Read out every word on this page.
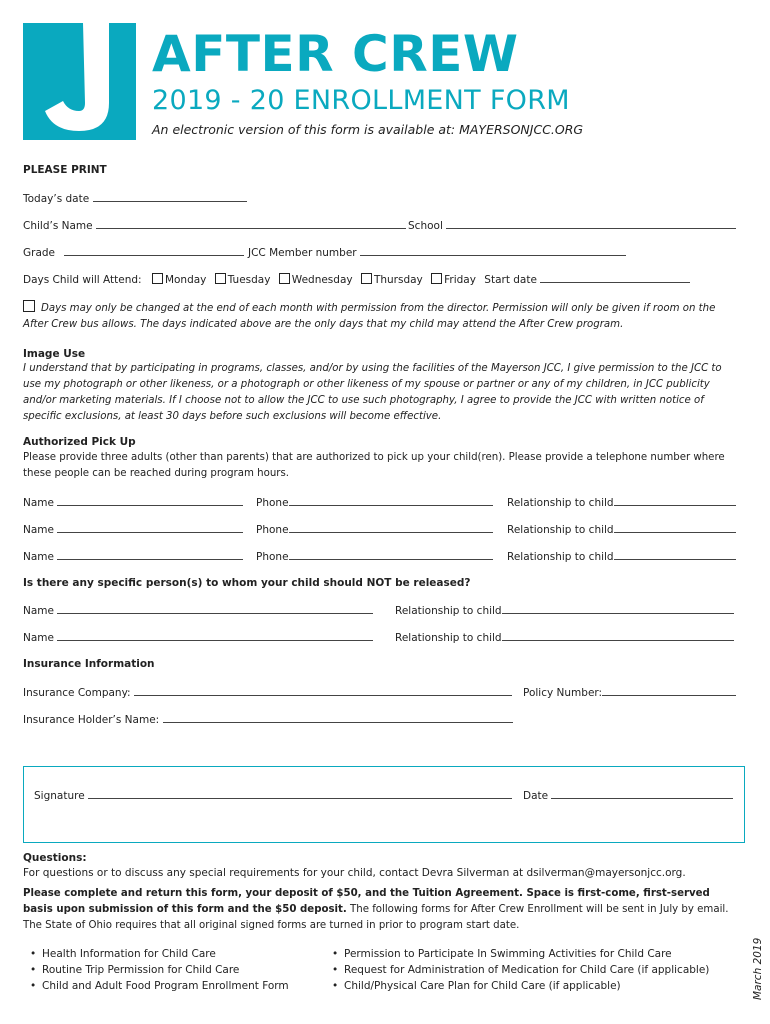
AFTER CREW
2019 - 20 ENROLLMENT FORM
An electronic version of this form is available at: MAYERSONJCC.ORG
PLEASE PRINT
Today’s date
Child’s Name	School
Grade	JCC Member number
Days Child will Attend: Monday Tuesday Wednesday Thursday Friday Start date
Days may only be changed at the end of each month with permission from the director. Permission will only be given if room on the After Crew bus allows. The days indicated above are the only days that my child may attend the After Crew program.
Image Use
I understand that by participating in programs, classes, and/or by using the facilities of the Mayerson JCC, I give permission to the JCC to use my photograph or other likeness, or a photograph or other likeness of my spouse or partner or any of my children, in JCC publicity and/or marketing materials. If I choose not to allow the JCC to use such photography, I agree to provide the JCC with written notice of specific exclusions, at least 30 days before such exclusions will become effective.
Authorized Pick Up
Please provide three adults (other than parents) that are authorized to pick up your child(ren). Please provide a telephone number where these people can be reached during program hours.
Name	Phone	Relationship to child
Name	Phone	Relationship to child
Name	Phone	Relationship to child
Is there any specific person(s) to whom your child should NOT be released?
Name	Relationship to child
Name	Relationship to child
Insurance Information
Insurance Company:	Policy Number:
Insurance Holder’s Name:
Signature	Date
Questions:
For questions or to discuss any special requirements for your child, contact Devra Silverman at dsilverman@mayersonjcc.org.
Please complete and return this form, your deposit of $50, and the Tuition Agreement. Space is first-come, first-served basis upon submission of this form and the $50 deposit. The following forms for After Crew Enrollment will be sent in July by email. The State of Ohio requires that all original signed forms are turned in prior to program start date.
• Health Information for Child Care
• Routine Trip Permission for Child Care
• Child and Adult Food Program Enrollment Form
• Permission to Participate In Swimming Activities for Child Care
• Request for Administration of Medication for Child Care (if applicable)
• Child/Physical Care Plan for Child Care (if applicable)	March 2019
